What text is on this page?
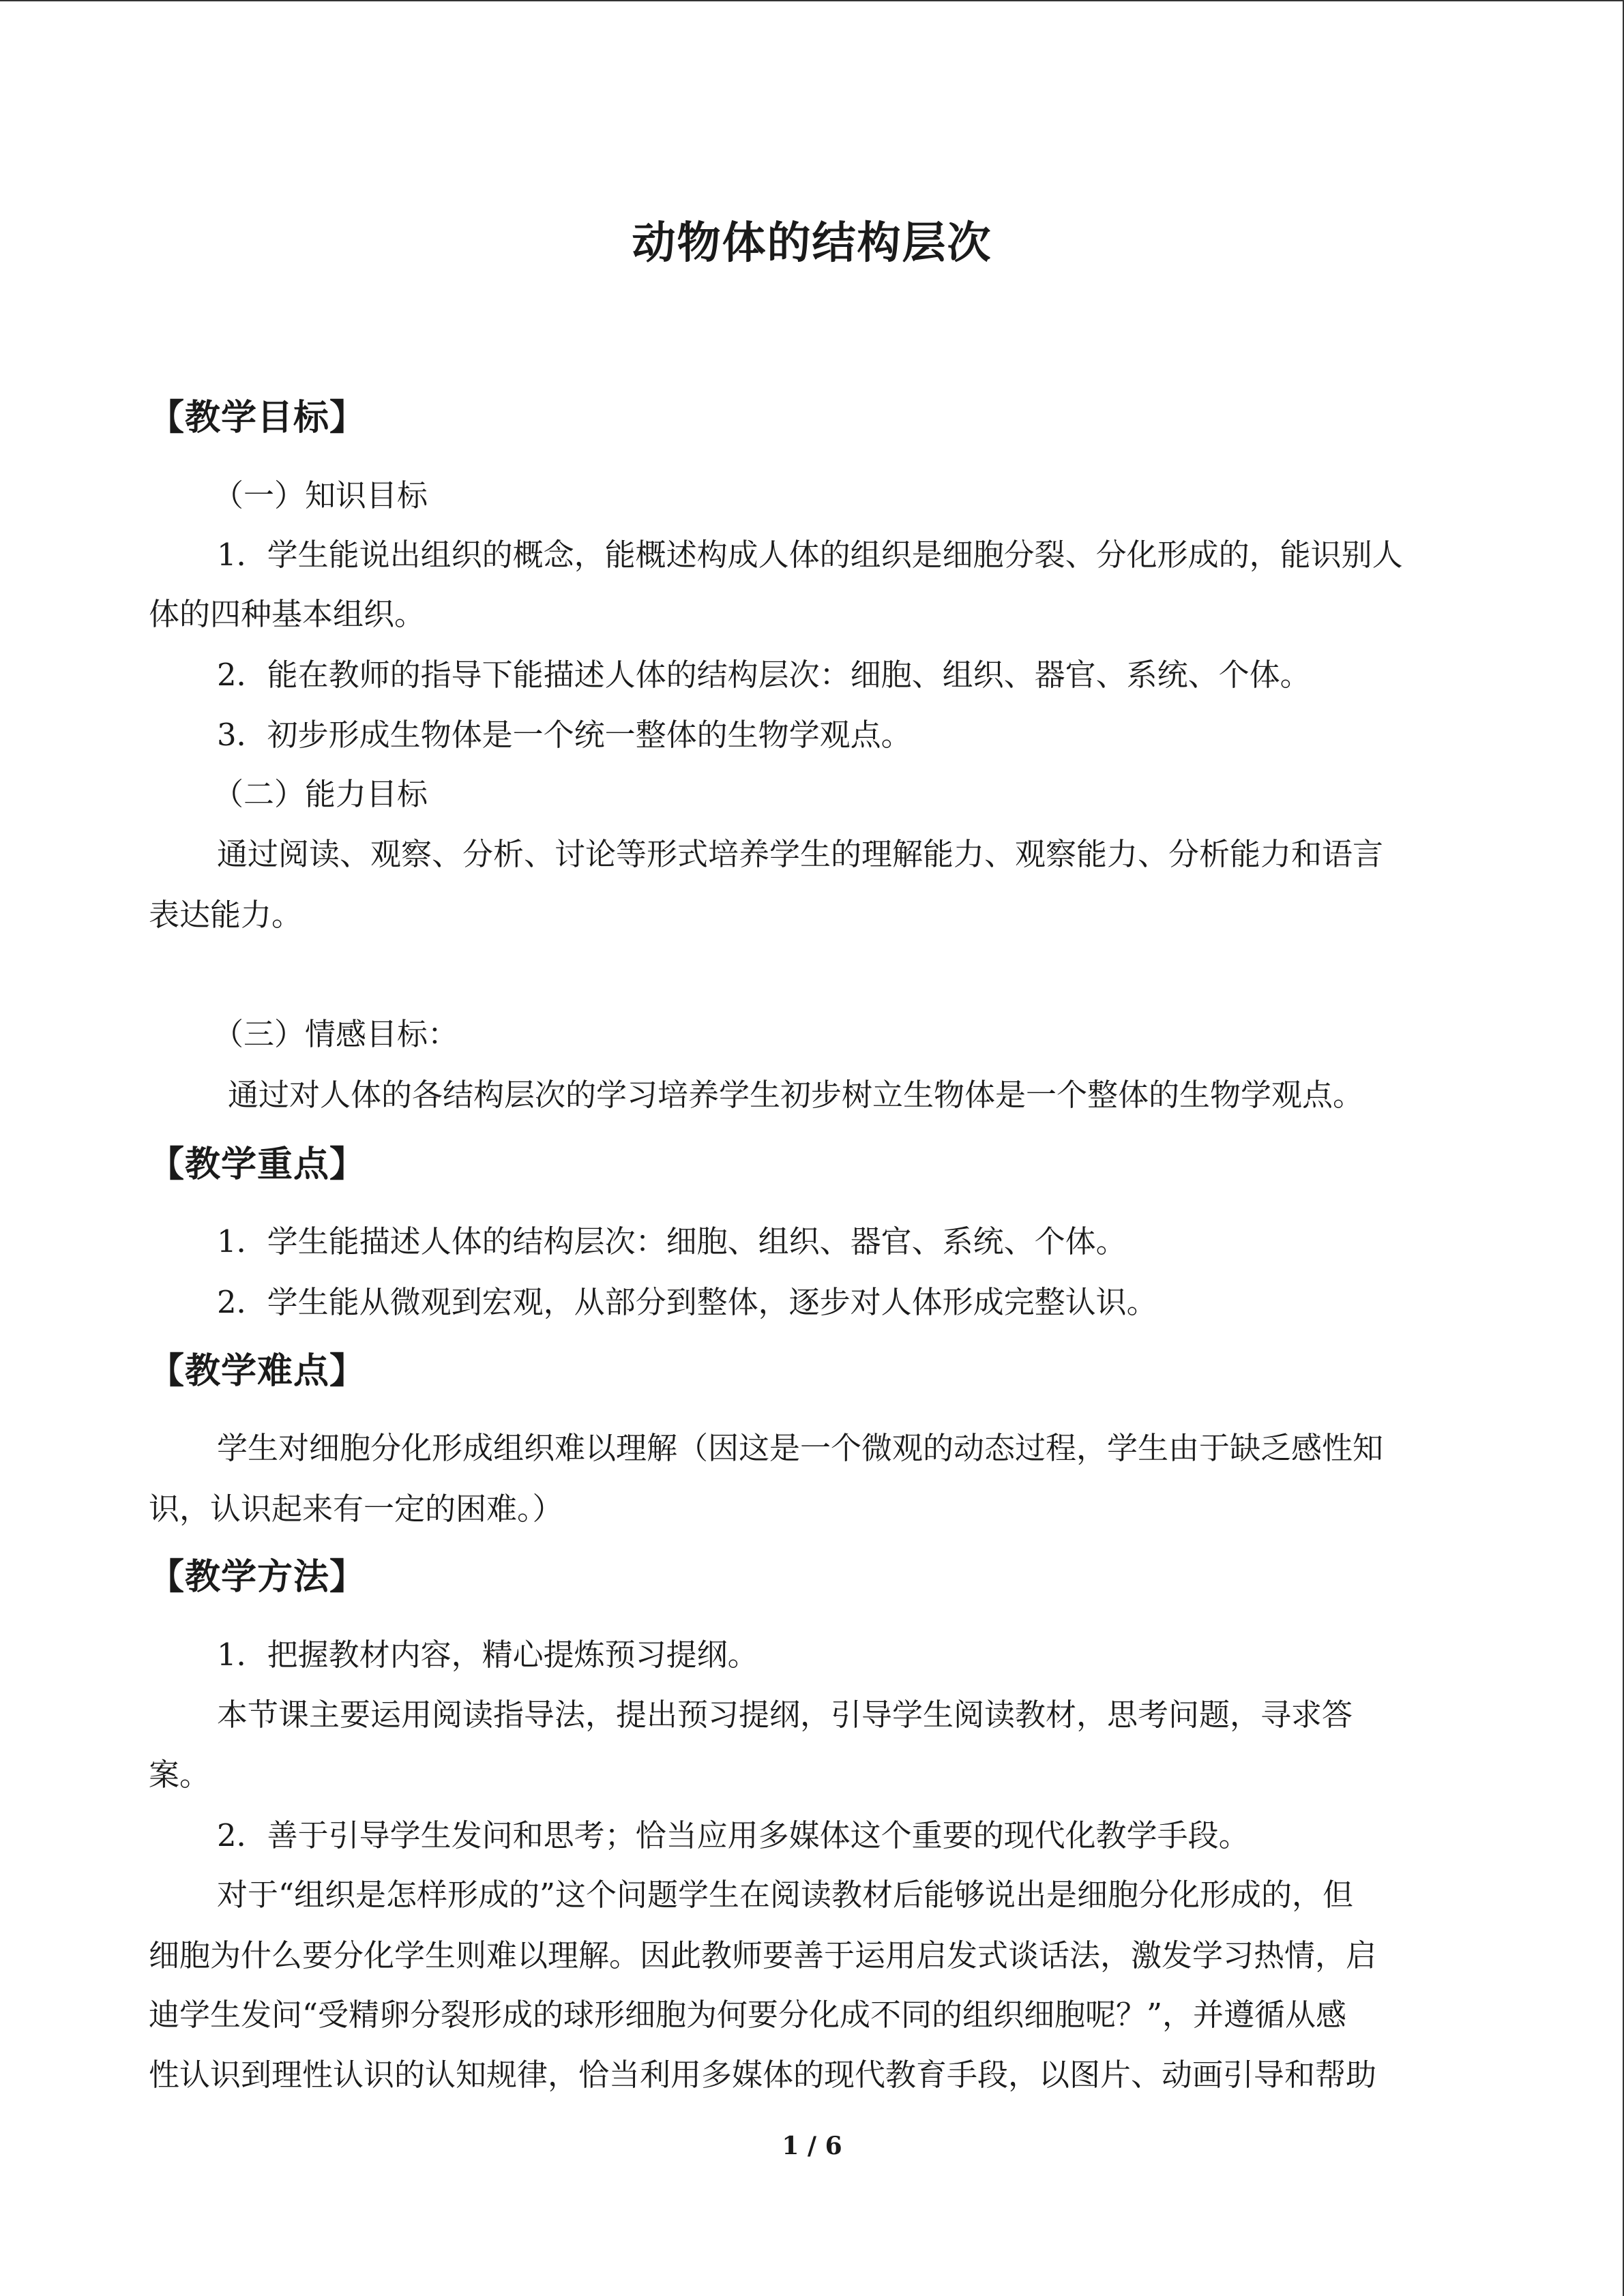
动物体的结构层次
【教学目标】
（一）知识目标
1．学生能说出组织的概念，能概述构成人体的组织是细胞分裂、分化形成的，能识别人
体的四种基本组织。
2．能在教师的指导下能描述人体的结构层次：细胞、组织、器官、系统、个体。
3．初步形成生物体是一个统一整体的生物学观点。
（二）能力目标
通过阅读、观察、分析、讨论等形式培养学生的理解能力、观察能力、分析能力和语言
表达能力。
（三）情感目标：
通过对人体的各结构层次的学习培养学生初步树立生物体是一个整体的生物学观点。
【教学重点】
1．学生能描述人体的结构层次：细胞、组织、器官、系统、个体。
2．学生能从微观到宏观，从部分到整体，逐步对人体形成完整认识。
【教学难点】
学生对细胞分化形成组织难以理解（因这是一个微观的动态过程，学生由于缺乏感性知
识，认识起来有一定的困难。）
【教学方法】
1．把握教材内容，精心提炼预习提纲。
本节课主要运用阅读指导法，提出预习提纲，引导学生阅读教材，思考问题，寻求答
案。
2．善于引导学生发问和思考；恰当应用多媒体这个重要的现代化教学手段。
对于“组织是怎样形成的”这个问题学生在阅读教材后能够说出是细胞分化形成的，但
细胞为什么要分化学生则难以理解。因此教师要善于运用启发式谈话法，激发学习热情，启
迪学生发问“受精卵分裂形成的球形细胞为何要分化成不同的组织细胞呢？”，并遵循从感
性认识到理性认识的认知规律，恰当利用多媒体的现代教育手段，以图片、动画引导和帮助
1 / 6
